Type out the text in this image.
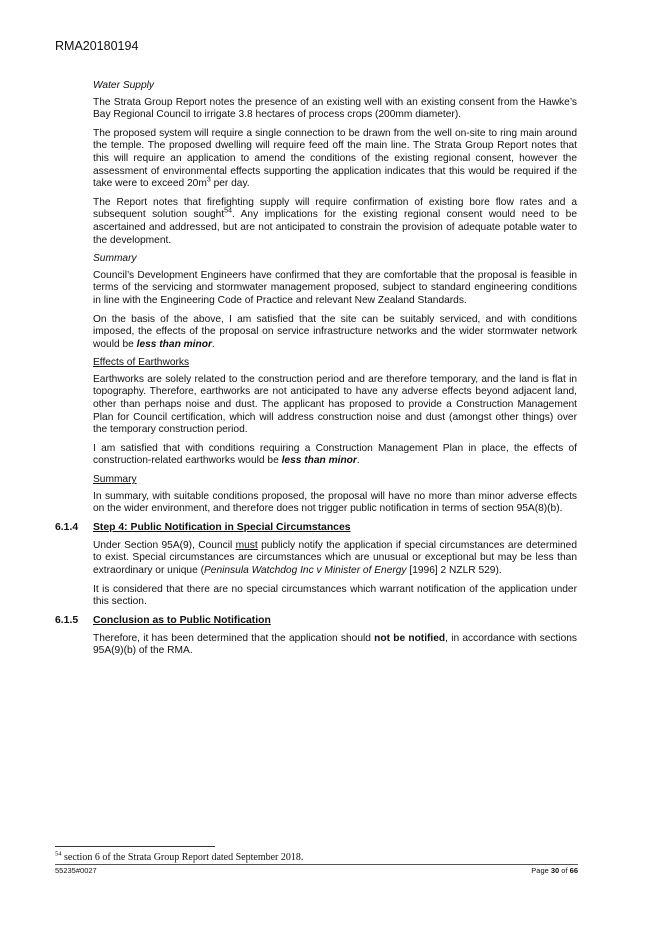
RMA20180194

Water Supply

The Strata Group Report notes the presence of an existing well with an existing consent from the Hawke’s Bay Regional Council to irrigate 3.8 hectares of process crops (200mm diameter).

The proposed system will require a single connection to be drawn from the well on-site to ring main around the temple. The proposed dwelling will require feed off the main line. The Strata Group Report notes that this will require an application to amend the conditions of the existing regional consent, however the assessment of environmental effects supporting the application indicates that this would be required if the take were to exceed $20m^3$ per day.

The Report notes that firefighting supply will require confirmation of existing bore flow rates and a subsequent solution sought$^{54}$. Any implications for the existing regional consent would need to be ascertained and addressed, but are not anticipated to constrain the provision of adequate potable water to the development.

Summary

Council’s Development Engineers have confirmed that they are comfortable that the proposal is feasible in terms of the servicing and stormwater management proposed, subject to standard engineering conditions in line with the Engineering Code of Practice and relevant New Zealand Standards.

On the basis of the above, I am satisfied that the site can be suitably serviced, and with conditions imposed, the effects of the proposal on service infrastructure networks and the wider stormwater network would be less than minor.

Effects of Earthworks

Earthworks are solely related to the construction period and are therefore temporary, and the land is flat in topography. Therefore, earthworks are not anticipated to have any adverse effects beyond adjacent land, other than perhaps noise and dust. The applicant has proposed to provide a Construction Management Plan for Council certification, which will address construction noise and dust (amongst other things) over the temporary construction period.

I am satisfied that with conditions requiring a Construction Management Plan in place, the effects of construction-related earthworks would be less than minor.

Summary

In summary, with suitable conditions proposed, the proposal will have no more than minor adverse effects on the wider environment, and therefore does not trigger public notification in terms of section 95A(8)(b).

6.1.4 Step 4: Public Notification in Special Circumstances

Under Section 95A(9), Council must publicly notify the application if special circumstances are determined to exist. Special circumstances are circumstances which are unusual or exceptional but may be less than extraordinary or unique (Peninsula Watchdog Inc v Minister of Energy [1996] 2 NZLR 529).

It is considered that there are no special circumstances which warrant notification of the application under this section.

6.1.5 Conclusion as to Public Notification

Therefore, it has been determined that the application should not be notified, in accordance with sections 95A(9)(b) of the RMA.

$^{54}$ section 6 of the Strata Group Report dated September 2018.
55235#0027	Page 30 of 66
